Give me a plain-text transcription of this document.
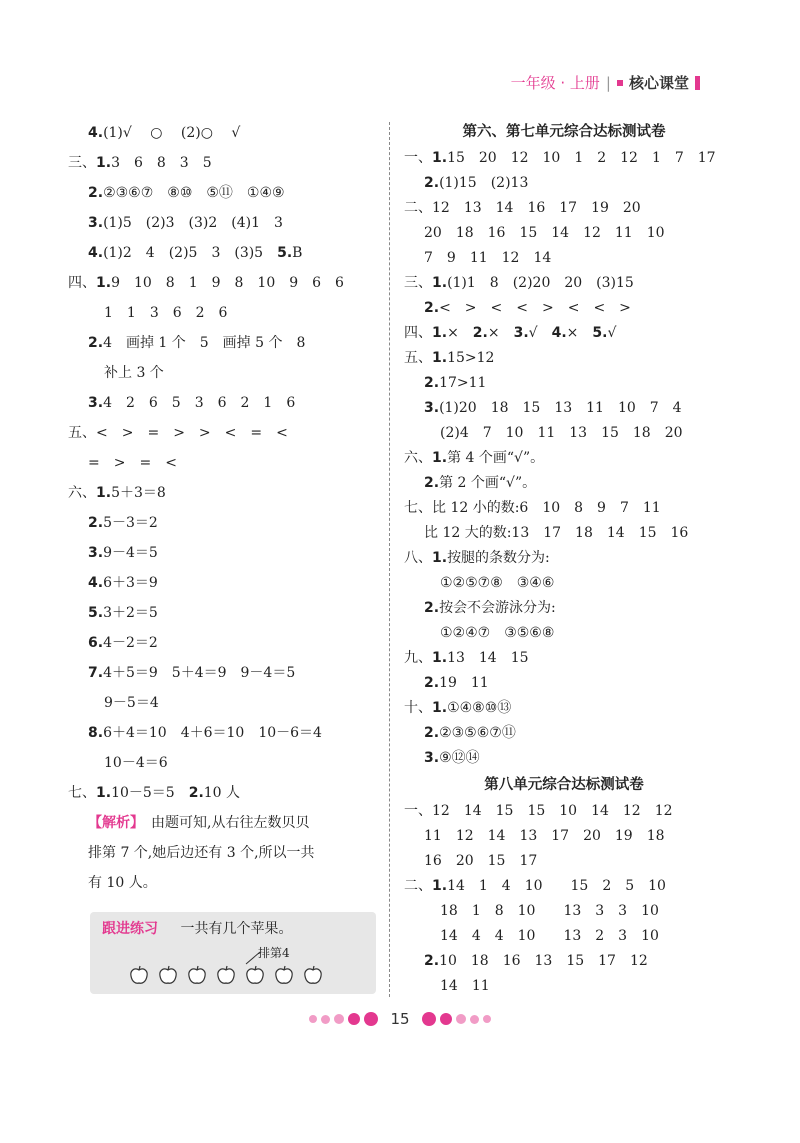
一年级 · 上册 | 核心课堂
4.(1)√　 ○　 (2)○　 √
三、1.3　6　8　3　5
2.②③⑥⑦　⑧⑩　⑤⑪　①④⑨
3.(1)5　(2)3　(3)2　(4)1　3
4.(1)2　4　(2)5　3　(3)5　5.B
四、1.9　10　8　1　9　8　10　9　6　6
1　1　3　6　2　6
2.4　画掉 1 个　5　画掉 5 个　8
补上 3 个
3.4　2　6　5　3　6　2　1　6
五、<　>　=　>　>　<　=　<
=　>　=　<
六、1.5＋3＝8
2.5－3＝2
3.9－4＝5
4.6＋3＝9
5.3＋2＝5
6.4－2＝2
7.4＋5＝9　5＋4＝9　9－4＝5
9－5＝4
8.6＋4＝10　4＋6＝10　10－6＝4
10－4＝6
七、1.10－5＝5　2.10 人
【解析】　由题可知,从右往左数贝贝
排第 7 个,她后边还有 3 个,所以一共
有 10 人。
第六、第七单元综合达标测试卷
一、1.15　20　12　10　1　2　12　1　7　17
2.(1)15　(2)13
二、12　13　14　16　17　19　20
20　18　16　15　14　12　11　10
7　9　11　12　14
三、1.(1)1　8　(2)20　20　(3)15
2.<　>　<　<　>　<　<　>
四、1.×　2.×　3.√　4.×　5.√
五、1.15>12
2.17>11
3.(1)20　18　15　13　11　10　7　4
(2)4　7　10　11　13　15　18　20
六、1.第 4 个画“√”。
2.第 2 个画“√”。
七、比 12 小的数:6　10　8　9　7　11
比 12 大的数:13　17　18　14　15　16
八、1.按腿的条数分为:
①②⑤⑦⑧　③④⑥
2.按会不会游泳分为:
①②④⑦　③⑤⑥⑧
九、1.13　14　15
2.19　11
十、1.①④⑧⑩⑬
2.②③⑤⑥⑦⑪
3.⑨⑫⑭
第八单元综合达标测试卷
一、12　14　15　15　10　14　12　12
11　12　14　13　17　20　19　18
16　20　15　17
二、1.14　1　4　10　　15　2　5　10
18　1　8　10　　13　3　3　10
14　4　4　10　　13　2　3　10
2.10　18　16　13　15　17　12
14　11
跟进练习 一共有几个苹果。
排第4
15
